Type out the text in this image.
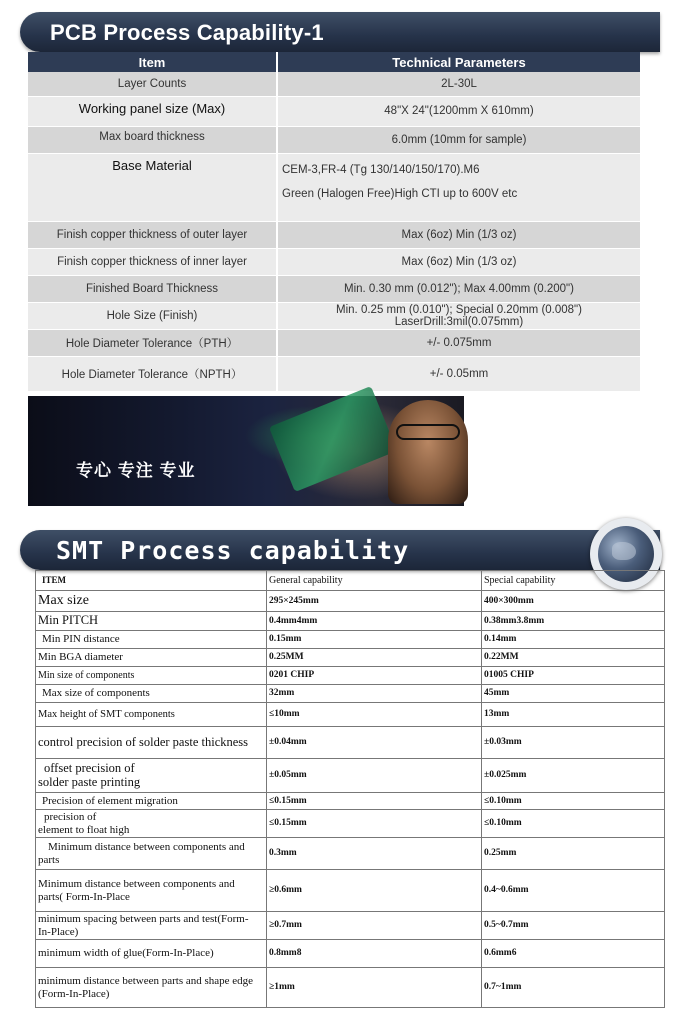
PCB Process Capability-1
Item	Technical Parameters
Layer Counts	2L-30L
Working panel size (Max)	48"X 24"(1200mm X 610mm)
Max board thickness	6.0mm (10mm for sample)
Base Material	CEM-3,FR-4 (Tg 130/140/150/170).M6
Green (Halogen Free)High CTI up to 600V etc

Finish copper thickness of outer layer	Max (6oz) Min (1/3 oz)
Finish copper thickness of inner layer	Max (6oz) Min (1/3 oz)
Finished Board Thickness	Min. 0.30 mm (0.012"); Max 4.00mm (0.200")
Hole Size (Finish)	Min. 0.25 mm (0.010"); Special 0.20mm (0.008") LaserDrill:3mil(0.075mm)
Hole Diameter Tolerance（PTH）	+/- 0.075mm
Hole Diameter Tolerance（NPTH）	+/- 0.05mm
专心 专注 专业
SMT Process capability
ITEM	General capability	Special capability
Max size	295×245mm	400×300mm
Min PITCH	0.4mm4mm	0.38mm3.8mm
Min PIN distance	0.15mm	0.14mm
Min BGA diameter	0.25MM	0.22MM
Min size of components	0201 CHIP	01005 CHIP
Max size of components	32mm	45mm
Max height of SMT components	≤10mm	13mm
control precision of solder paste thickness	±0.04mm	±0.03mm

offset precision of
solder paste printing	±0.05mm	±0.025mm
Precision of element migration	≤0.15mm	≤0.10mm

precision of
element to float high	≤0.15mm	≤0.10mm

Minimum distance between components and
parts	0.3mm	0.25mm

Minimum distance between components and
parts( Form-In-Place	≥0.6mm	0.4~0.6mm

minimum spacing between parts and test(Form-
In-Place)	≥0.7mm	0.5~0.7mm
minimum width of glue(Form-In-Place)	0.8mm8	0.6mm6

minimum distance between parts and shape edge
(Form-In-Place)	≥1mm	0.7~1mm
